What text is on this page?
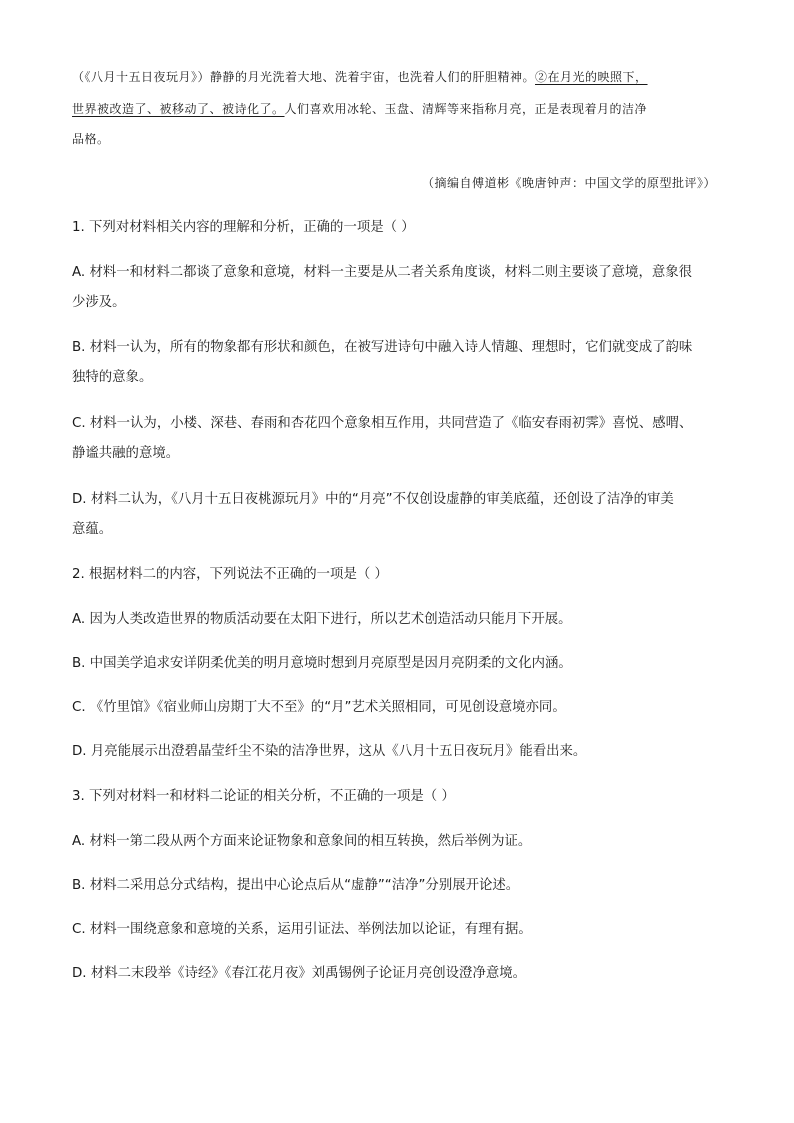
（《八月十五日夜玩月》）静静的月光洗着大地、洗着宇宙，也洗着人们的肝胆精神。②在月光的映照下，
世界被改造了、被移动了、被诗化了。人们喜欢用冰轮、玉盘、清辉等来指称月亮，正是表现着月的洁净
品格。
（摘编自傅道彬《晚唐钟声：中国文学的原型批评》）
1. 下列对材料相关内容的理解和分析，正确的一项是（ ）
A. 材料一和材料二都谈了意象和意境，材料一主要是从二者关系角度谈，材料二则主要谈了意境，意象很
少涉及。
B. 材料一认为，所有的物象都有形状和颜色，在被写进诗句中融入诗人情趣、理想时，它们就变成了韵味
独特的意象。
C. 材料一认为，小楼、深巷、春雨和杏花四个意象相互作用，共同营造了《临安春雨初霁》喜悦、感喟、
静谧共融的意境。
D. 材料二认为，《八月十五日夜桃源玩月》中的“月亮”不仅创设虚静的审美底蕴，还创设了洁净的审美
意蕴。
2. 根据材料二的内容，下列说法不正确的一项是（ ）
A. 因为人类改造世界的物质活动要在太阳下进行，所以艺术创造活动只能月下开展。
B. 中国美学追求安详阴柔优美的明月意境时想到月亮原型是因月亮阴柔的文化内涵。
C. 《竹里馆》《宿业师山房期丁大不至》的“月”艺术关照相同，可见创设意境亦同。
D. 月亮能展示出澄碧晶莹纤尘不染的洁净世界，这从《八月十五日夜玩月》能看出来。
3. 下列对材料一和材料二论证的相关分析，不正确的一项是（ ）
A. 材料一第二段从两个方面来论证物象和意象间的相互转换，然后举例为证。
B. 材料二采用总分式结构，提出中心论点后从“虚静”“洁净”分别展开论述。
C. 材料一围绕意象和意境的关系，运用引证法、举例法加以论证，有理有据。
D. 材料二末段举《诗经》《春江花月夜》刘禹锡例子论证月亮创设澄净意境。
